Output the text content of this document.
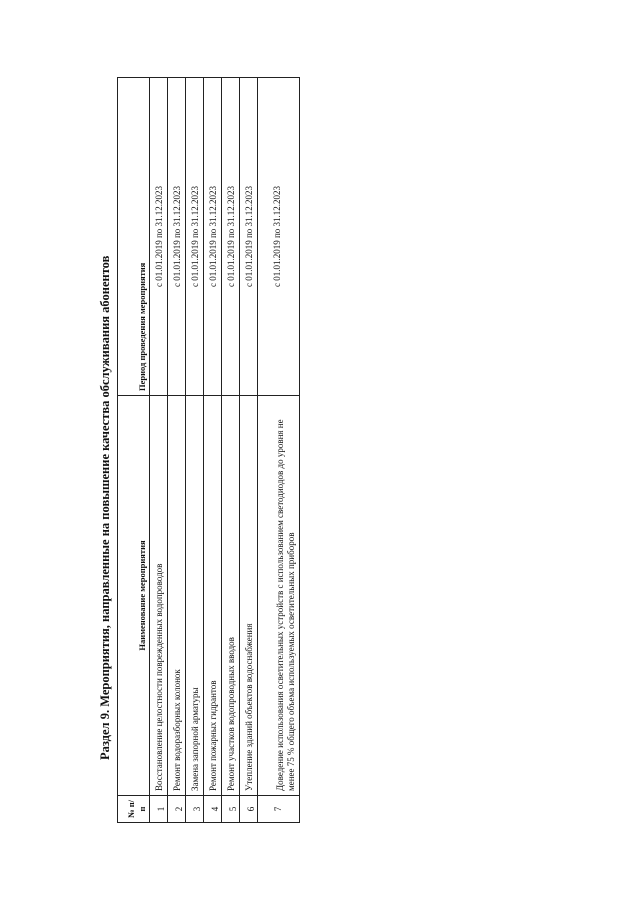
Раздел 9. Мероприятия, направленные на повышение качества обслуживания абонентов
№ п/п	Наименование мероприятия	Период проведения мероприятия
1	Восстановление целостности поврежденных водопроводов	с 01.01.2019 по 31.12.2023
2	Ремонт водоразборных колонок	с 01.01.2019 по 31.12.2023
3	Замена запорной арматуры	с 01.01.2019 по 31.12.2023
4	Ремонт пожарных гидрантов	с 01.01.2019 по 31.12.2023
5	Ремонт участков водопроводных вводов	с 01.01.2019 по 31.12.2023
6	Утепление зданий объектов водоснабжения	с 01.01.2019 по 31.12.2023
7	Доведение использования осветительных устройств с использованием светодиодов до уровня не менее 75 % общего объема используемых осветительных приборов	с 01.01.2019 по 31.12.2023
